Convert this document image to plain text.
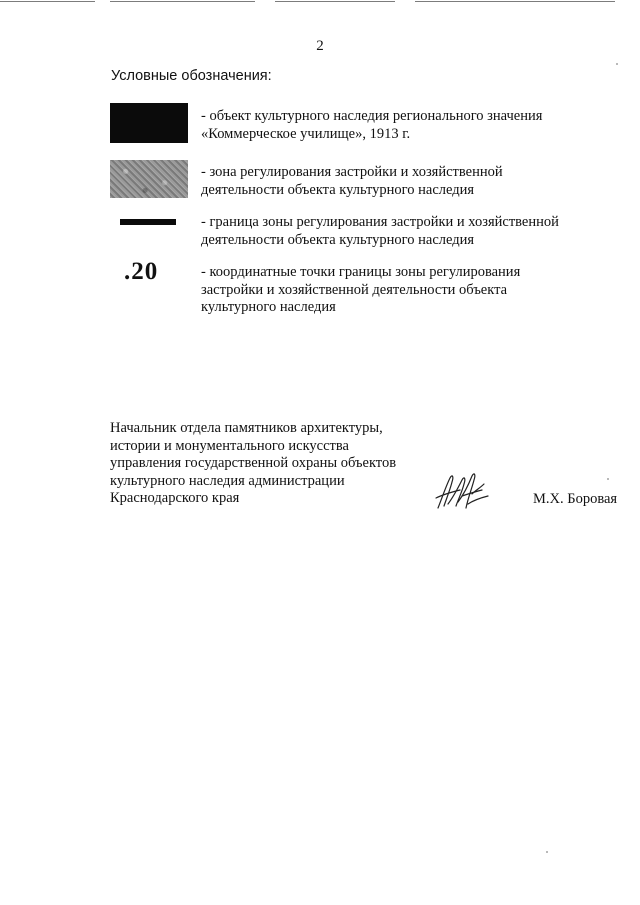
2
Условные обозначения:
- объект культурного наследия регионального значения
«Коммерческое училище», 1913 г.
- зона регулирования застройки и хозяйственной
деятельности объекта культурного наследия
- граница зоны регулирования застройки и хозяйственной
деятельности объекта культурного наследия
.20	- координатные точки границы зоны регулирования
застройки и хозяйственной деятельности объекта
культурного наследия
Начальник отдела памятников архитектуры,
истории и монументального искусства
управления государственной охраны объектов
культурного наследия администрации
Краснодарского края	М.Х. Боровая
